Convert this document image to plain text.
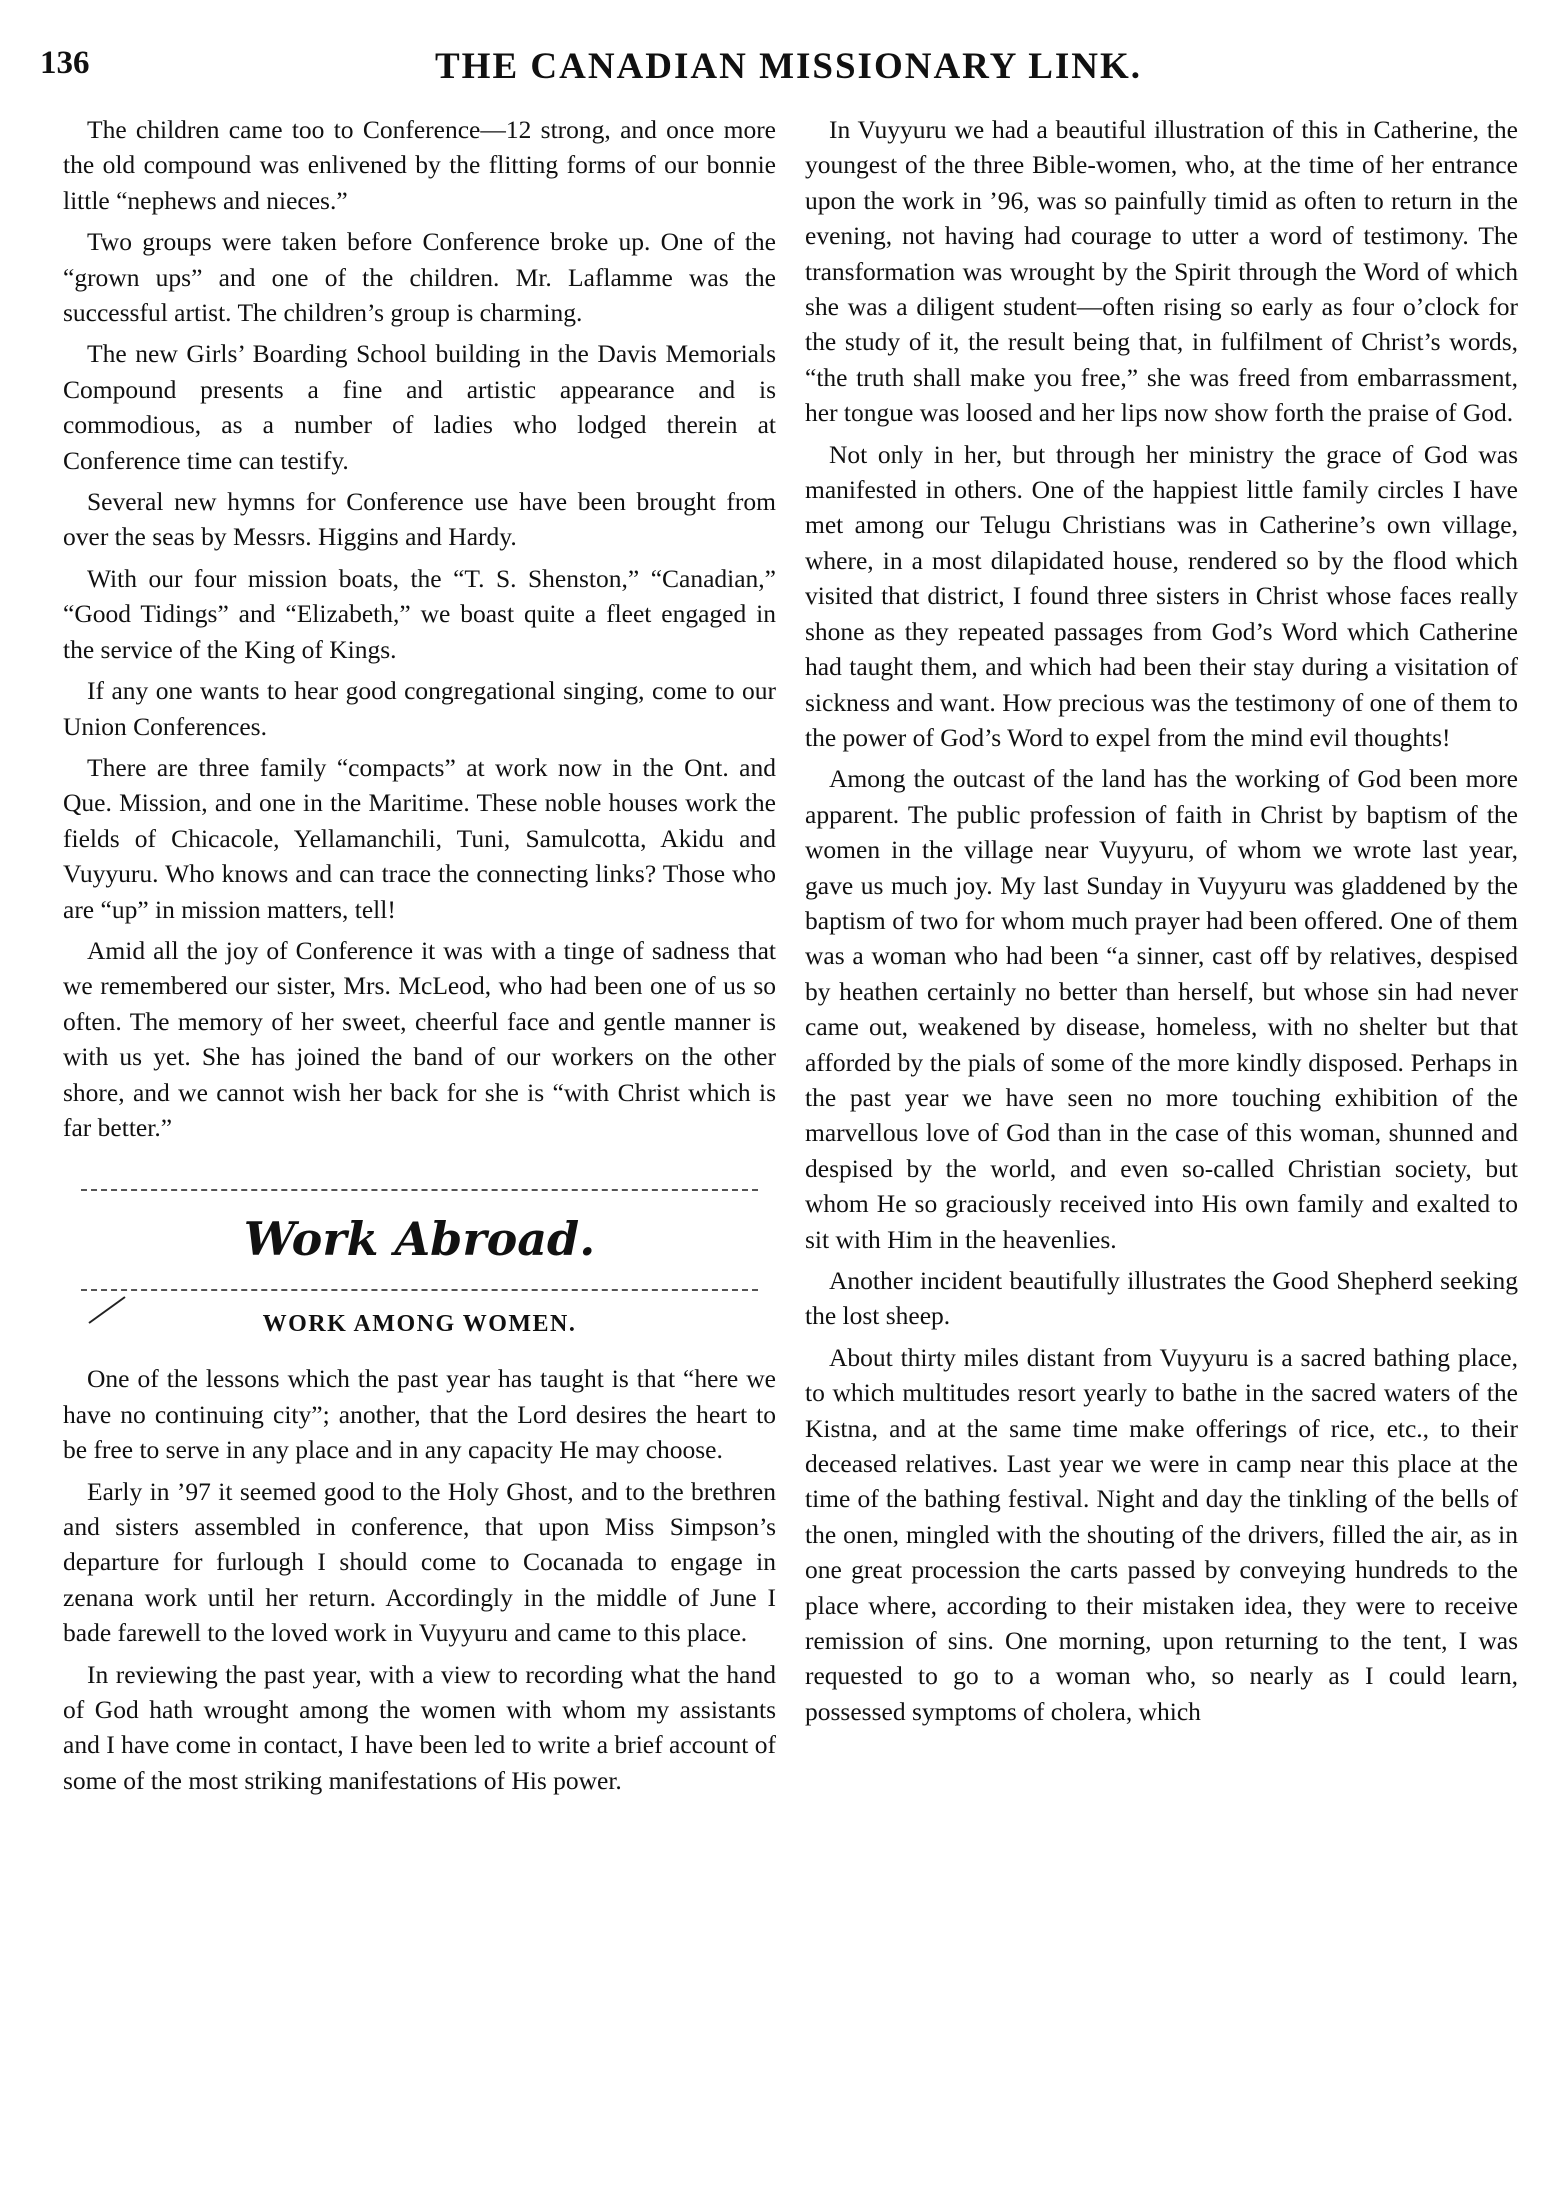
136	THE CANADIAN MISSIONARY LINK.

The children came too to Conference—12 strong, and once more the old compound was enlivened by the flitting forms of our bonnie little “nephews and nieces.”

Two groups were taken before Conference broke up. One of the “grown ups” and one of the children. Mr. Laflamme was the successful artist. The children’s group is charming.

The new Girls’ Boarding School building in the Davis Memorials Compound presents a fine and artistic appearance and is commodious, as a number of ladies who lodged therein at Conference time can testify.

Several new hymns for Conference use have been brought from over the seas by Messrs. Higgins and Hardy.

With our four mission boats, the “T. S. Shenston,” “Canadian,” “Good Tidings” and “Elizabeth,” we boast quite a fleet engaged in the service of the King of Kings.

If any one wants to hear good congregational singing, come to our Union Conferences.

There are three family “compacts” at work now in the Ont. and Que. Mission, and one in the Maritime. These noble houses work the fields of Chicacole, Yellamanchili, Tuni, Samulcotta, Akidu and Vuyyuru. Who knows and can trace the connecting links? Those who are “up” in mission matters, tell!

Amid all the joy of Conference it was with a tinge of sadness that we remembered our sister, Mrs. McLeod, who had been one of us so often. The memory of her sweet, cheerful face and gentle manner is with us yet. She has joined the band of our workers on the other shore, and we cannot wish her back for she is “with Christ which is far better.”

Work Abroad.
WORK AMONG WOMEN.

One of the lessons which the past year has taught is that “here we have no continuing city”; another, that the Lord desires the heart to be free to serve in any place and in any capacity He may choose.

Early in ’97 it seemed good to the Holy Ghost, and to the brethren and sisters assembled in conference, that upon Miss Simpson’s departure for furlough I should come to Cocanada to engage in zenana work until her return. Accordingly in the middle of June I bade farewell to the loved work in Vuyyuru and came to this place.

In reviewing the past year, with a view to recording what the hand of God hath wrought among the women with whom my assistants and I have come in contact, I have been led to write a brief account of some of the most striking manifestations of His power.

In Vuyyuru we had a beautiful illustration of this in Catherine, the youngest of the three Bible-women, who, at the time of her entrance upon the work in ’96, was so painfully timid as often to return in the evening, not having had courage to utter a word of testimony. The transformation was wrought by the Spirit through the Word of which she was a diligent student—often rising so early as four o’clock for the study of it, the result being that, in fulfilment of Christ’s words, “the truth shall make you free,” she was freed from embarrassment, her tongue was loosed and her lips now show forth the praise of God.

Not only in her, but through her ministry the grace of God was manifested in others. One of the happiest little family circles I have met among our Telugu Christians was in Catherine’s own village, where, in a most dilapidated house, rendered so by the flood which visited that district, I found three sisters in Christ whose faces really shone as they repeated passages from God’s Word which Catherine had taught them, and which had been their stay during a visitation of sickness and want. How precious was the testimony of one of them to the power of God’s Word to expel from the mind evil thoughts!

Among the outcast of the land has the working of God been more apparent. The public profession of faith in Christ by baptism of the women in the village near Vuyyuru, of whom we wrote last year, gave us much joy. My last Sunday in Vuyyuru was gladdened by the baptism of two for whom much prayer had been offered. One of them was a woman who had been “a sinner, cast off by relatives, despised by heathen certainly no better than herself, but whose sin had never came out, weakened by disease, homeless, with no shelter but that afforded by the pials of some of the more kindly disposed. Perhaps in the past year we have seen no more touching exhibition of the marvellous love of God than in the case of this woman, shunned and despised by the world, and even so-called Christian society, but whom He so graciously received into His own family and exalted to sit with Him in the heavenlies.

Another incident beautifully illustrates the Good Shepherd seeking the lost sheep.

About thirty miles distant from Vuyyuru is a sacred bathing place, to which multitudes resort yearly to bathe in the sacred waters of the Kistna, and at the same time make offerings of rice, etc., to their deceased relatives. Last year we were in camp near this place at the time of the bathing festival. Night and day the tinkling of the bells of the onen, mingled with the shouting of the drivers, filled the air, as in one great procession the carts passed by conveying hundreds to the place where, according to their mistaken idea, they were to receive remission of sins. One morning, upon returning to the tent, I was requested to go to a woman who, so nearly as I could learn, possessed symptoms of cholera, which
